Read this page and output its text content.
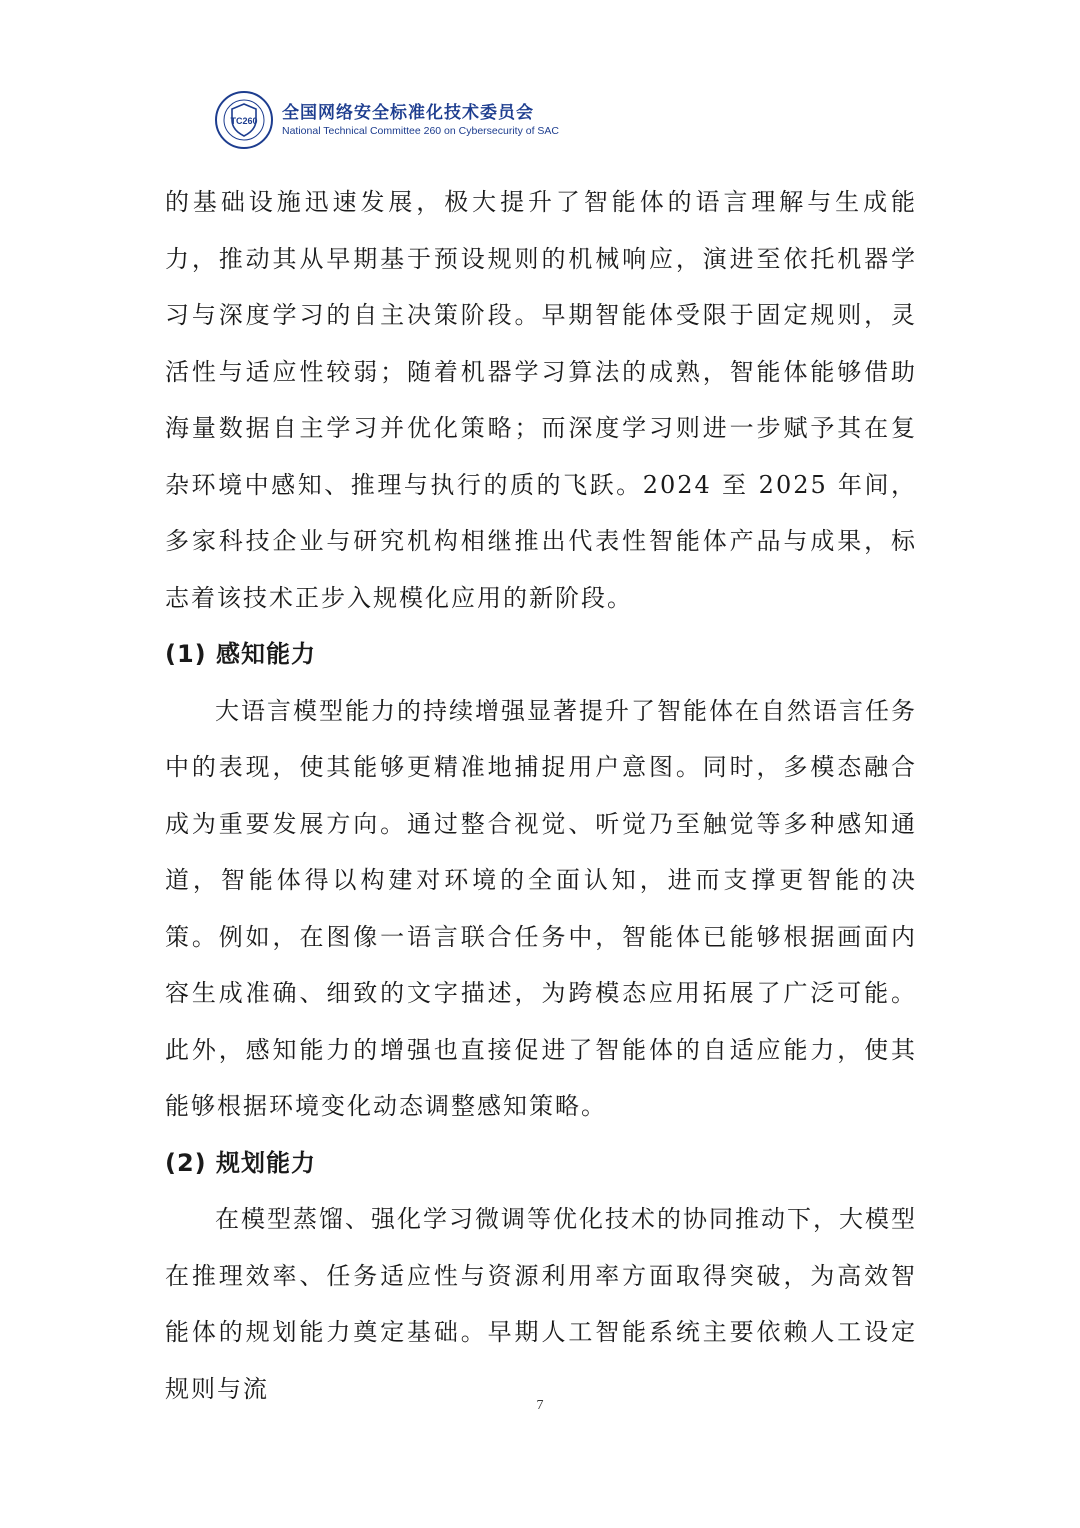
TC260 全国网络安全标准化技术委员会
National Technical Committee 260 on Cybersecurity of SAC

的基础设施迅速发展，极大提升了智能体的语言理解与生成能力，推动其从早期基于预设规则的机械响应，演进至依托机器学习与深度学习的自主决策阶段。早期智能体受限于固定规则，灵活性与适应性较弱；随着机器学习算法的成熟，智能体能够借助海量数据自主学习并优化策略；而深度学习则进一步赋予其在复杂环境中感知、推理与执行的质的飞跃。2024 至 2025 年间，多家科技企业与研究机构相继推出代表性智能体产品与成果，标志着该技术正步入规模化应用的新阶段。

(1) 感知能力

大语言模型能力的持续增强显著提升了智能体在自然语言任务中的表现，使其能够更精准地捕捉用户意图。同时，多模态融合成为重要发展方向。通过整合视觉、听觉乃至触觉等多种感知通道，智能体得以构建对环境的全面认知，进而支撑更智能的决策。例如，在图像一语言联合任务中，智能体已能够根据画面内容生成准确、细致的文字描述，为跨模态应用拓展了广泛可能。此外，感知能力的增强也直接促进了智能体的自适应能力，使其能够根据环境变化动态调整感知策略。

(2) 规划能力

在模型蒸馏、强化学习微调等优化技术的协同推动下，大模型在推理效率、任务适应性与资源利用率方面取得突破，为高效智能体的规划能力奠定基础。早期人工智能系统主要依赖人工设定规则与流

7
